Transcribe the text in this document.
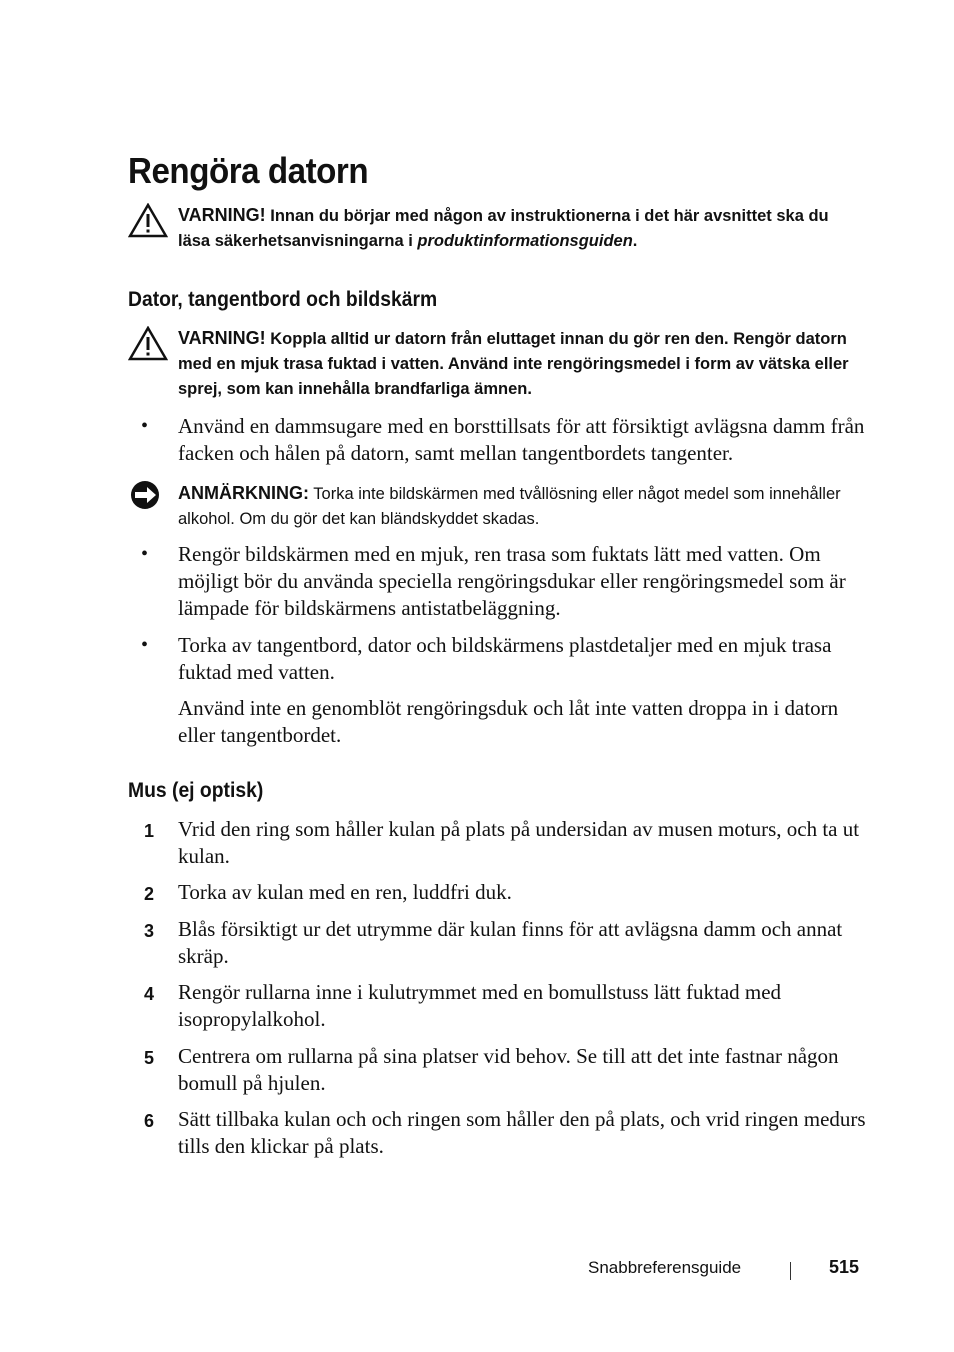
Rengöra datorn
VARNING! Innan du börjar med någon av instruktionerna i det här avsnittet ska du läsa säkerhetsanvisningarna i produktinformationsguiden.
Dator, tangentbord och bildskärm
VARNING! Koppla alltid ur datorn från eluttaget innan du gör ren den. Rengör datorn med en mjuk trasa fuktad i vatten. Använd inte rengöringsmedel i form av vätska eller sprej, som kan innehålla brandfarliga ämnen.
• Använd en dammsugare med en borsttillsats för att försiktigt avlägsna damm från facken och hålen på datorn, samt mellan tangentbordets tangenter.
ANMÄRKNING: Torka inte bildskärmen med tvållösning eller något medel som innehåller alkohol. Om du gör det kan bländskyddet skadas.
• Rengör bildskärmen med en mjuk, ren trasa som fuktats lätt med vatten. Om möjligt bör du använda speciella rengöringsdukar eller rengöringsmedel som är lämpade för bildskärmens antistatbeläggning.
• Torka av tangentbord, dator och bildskärmens plastdetaljer med en mjuk trasa fuktad med vatten.
Använd inte en genomblöt rengöringsduk och låt inte vatten droppa in i datorn eller tangentbordet.
Mus (ej optisk)
1 Vrid den ring som håller kulan på plats på undersidan av musen moturs, och ta ut kulan.
2 Torka av kulan med en ren, luddfri duk.
3 Blås försiktigt ur det utrymme där kulan finns för att avlägsna damm och annat skräp.
4 Rengör rullarna inne i kulutrymmet med en bomullstuss lätt fuktad med isopropylalkohol.
5 Centrera om rullarna på sina platser vid behov. Se till att det inte fastnar någon bomull på hjulen.
6 Sätt tillbaka kulan och och ringen som håller den på plats, och vrid ringen medurs tills den klickar på plats.
Snabbreferensguide	515
